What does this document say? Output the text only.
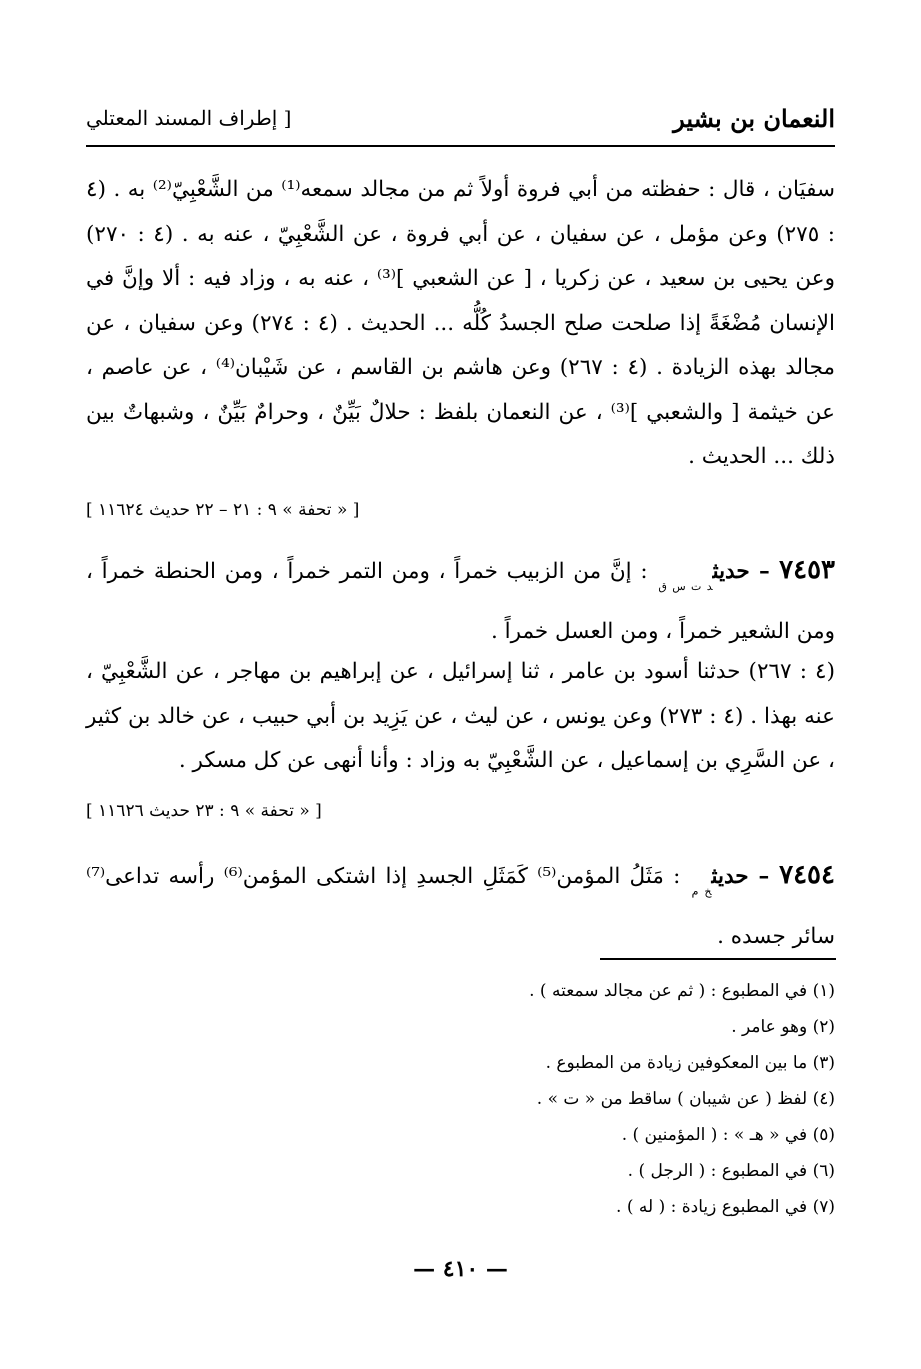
النعمان بن بشير
[ إطراف المسند المعتلي
سفيَان ، قال : حفظته من أبي فروة أولاً ثم من مجالد سمعه⁽¹⁾ من الشَّعْبِيّ⁽²⁾ به . (٤ : ٢٧٥) وعن مؤمل ، عن سفيان ، عن أبي فروة ، عن الشَّعْبِيّ ، عنه به . (٤ : ٢٧٠) وعن يحيى بن سعيد ، عن زكريا ، [ عن الشعبي ]⁽³⁾ ، عنه به ، وزاد فيه : ألا وإنَّ في الإنسان مُضْغَةً إذا صلحت صلح الجسدُ كُلُّه ... الحديث . (٤ : ٢٧٤) وعن سفيان ، عن مجالد بهذه الزيادة . (٤ : ٢٦٧) وعن هاشم بن القاسم ، عن شَيْبان⁽⁴⁾ ، عن عاصم ، عن خيثمة [ والشعبي ]⁽³⁾ ، عن النعمان بلفظ : حلالٌ بَيِّنٌ ، وحرامٌ بَيِّنٌ ، وشبهاتٌ بين ذلك ... الحديث .
[ « تحفة » ٩ : ٢١ – ٢٢ حديث ١١٦٢٤ ]
٧٤٥٣ – حديث$_{د ت س ق}$ : إنَّ من الزبيب خمراً ، ومن التمر خمراً ، ومن الحنطة خمراً ، ومن الشعير خمراً ، ومن العسل خمراً .
(٤ : ٢٦٧) حدثنا أسود بن عامر ، ثنا إسرائيل ، عن إبراهيم بن مهاجر ، عن الشَّعْبِيّ ، عنه بهذا . (٤ : ٢٧٣) وعن يونس ، عن ليث ، عن يَزِيد بن أبي حبيب ، عن خالد بن كثير ، عن السَّرِي بن إسماعيل ، عن الشَّعْبِيّ به وزاد : وأنا أنهى عن كل مسكر .
[ « تحفة » ٩ : ٢٣ حديث ١١٦٢٦ ]
٧٤٥٤ – حديث$_{خ م}$ : مَثَلُ المؤمن⁽⁵⁾ كَمَثَلِ الجسدِ إذا اشتكى المؤمن⁽⁶⁾ رأسه تداعى⁽⁷⁾ سائر جسده .
(١) في المطبوع : ( ثم عن مجالد سمعته ) .
(٢) وهو عامر .
(٣) ما بين المعكوفين زيادة من المطبوع .
(٤) لفظ ( عن شيبان ) ساقط من « ت » .
(٥) في « هـ » : ( المؤمنين ) .
(٦) في المطبوع : ( الرجل ) .
(٧) في المطبوع زيادة : ( له ) .
— ٤١٠ —
